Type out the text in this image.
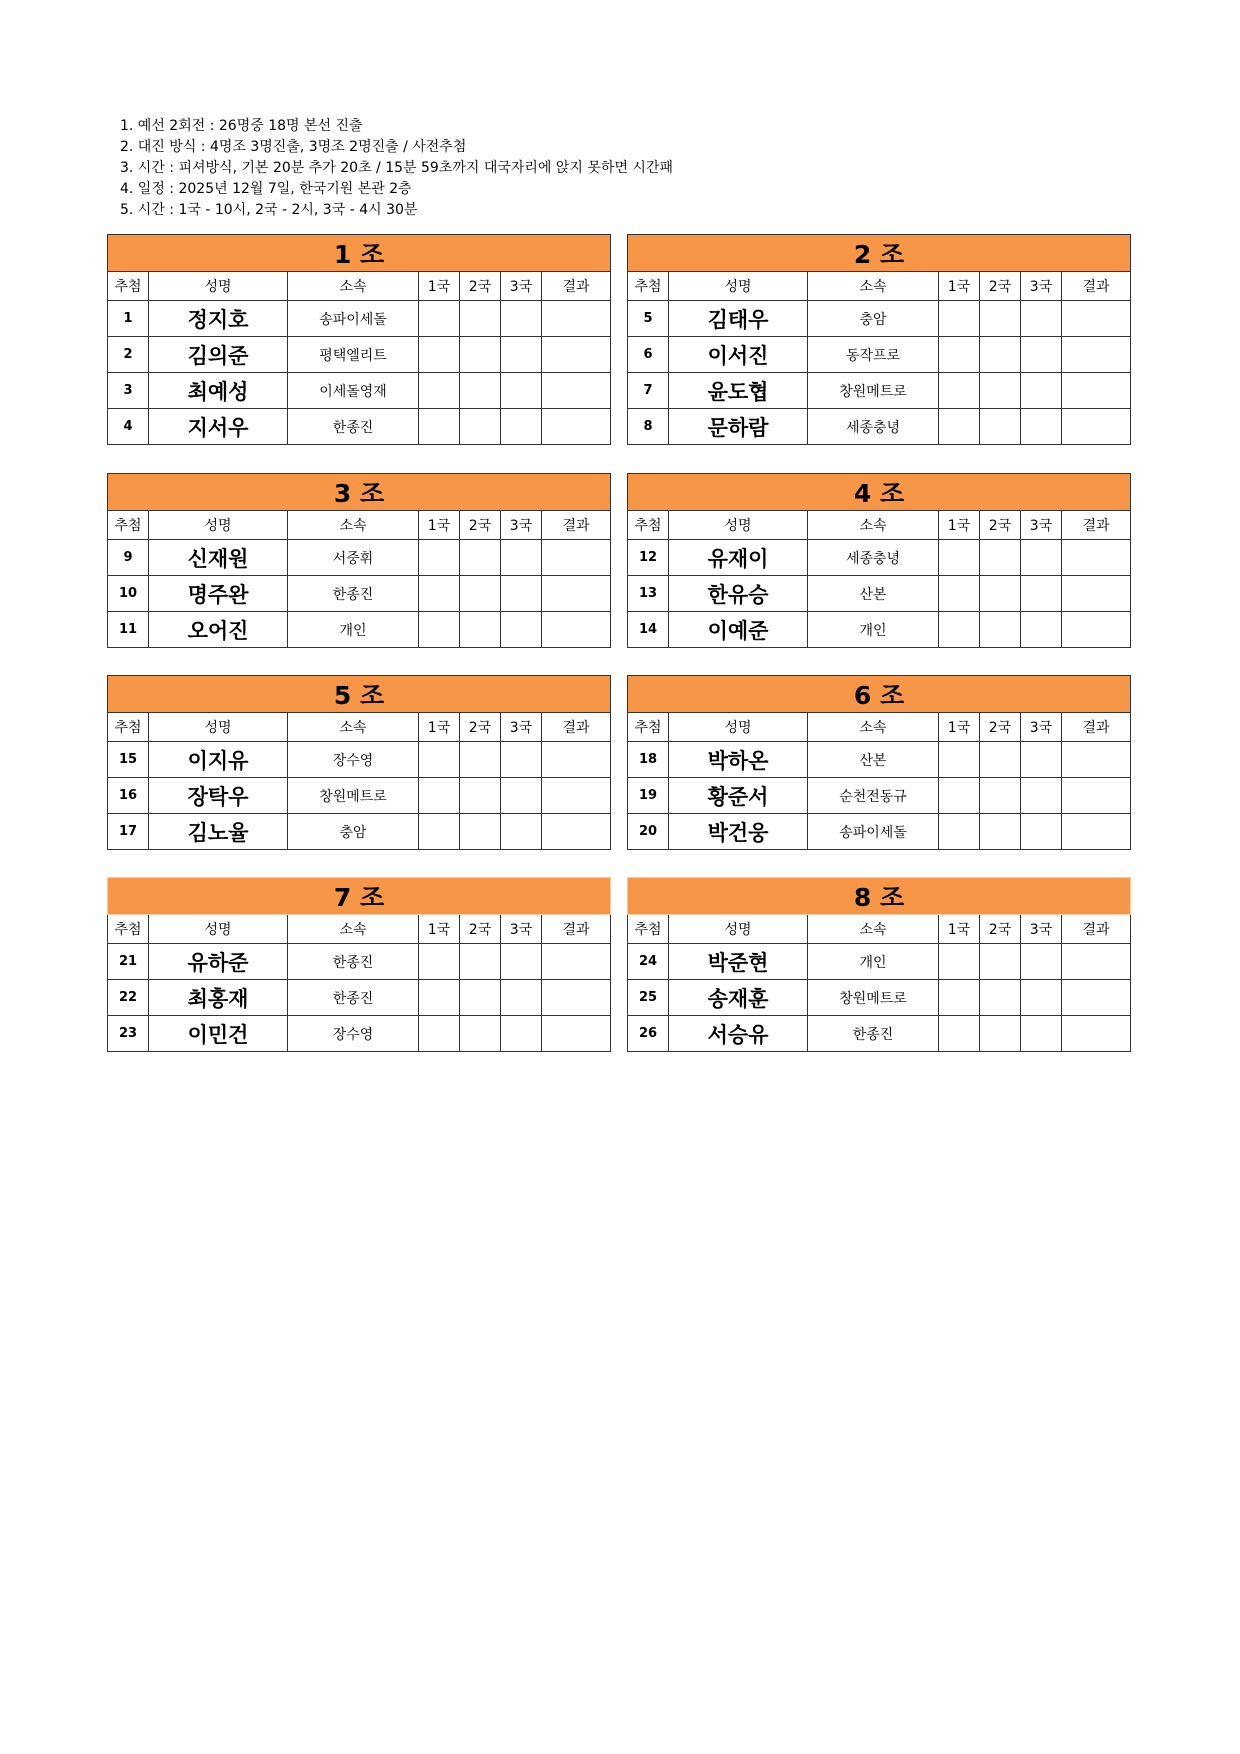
1. 예선 2회전 : 26명중 18명 본선 진출
2. 대진 방식 : 4명조 3명진출, 3명조 2명진출 / 사전추첨
3. 시간 : 피셔방식, 기본 20분 추가 20초 / 15분 59초까지 대국자리에 앉지 못하면 시간패
4. 일정 : 2025년 12월 7일, 한국기원 본관 2층
5. 시간 : 1국 - 10시, 2국 - 2시, 3국 - 4시 30분
1 조						
추첨	성명	소속	1국	2국	3국	결과
1	정지호	송파이세돌				
2	김의준	평택엘리트				
3	최예성	이세돌영재				
4	지서우	한종진				
2 조						
추첨	성명	소속	1국	2국	3국	결과
5	김태우	충암				
6	이서진	동작프로				
7	윤도협	창원메트로				
8	문하람	세종충녕				
3 조						
추첨	성명	소속	1국	2국	3국	결과
9	신재원	서중휘				
10	명주완	한종진				
11	오어진	개인				
4 조						
추첨	성명	소속	1국	2국	3국	결과
12	유재이	세종충녕				
13	한유승	산본				
14	이예준	개인				
5 조						
추첨	성명	소속	1국	2국	3국	결과
15	이지유	장수영				
16	장탁우	창원메트로				
17	김노율	충암				
6 조						
추첨	성명	소속	1국	2국	3국	결과
18	박하온	산본				
19	황준서	순천전동규				
20	박건웅	송파이세돌				
7 조						
추첨	성명	소속	1국	2국	3국	결과
21	유하준	한종진				
22	최홍재	한종진				
23	이민건	장수영				
8 조						
추첨	성명	소속	1국	2국	3국	결과
24	박준현	개인				
25	송재훈	창원메트로				
26	서승유	한종진				
